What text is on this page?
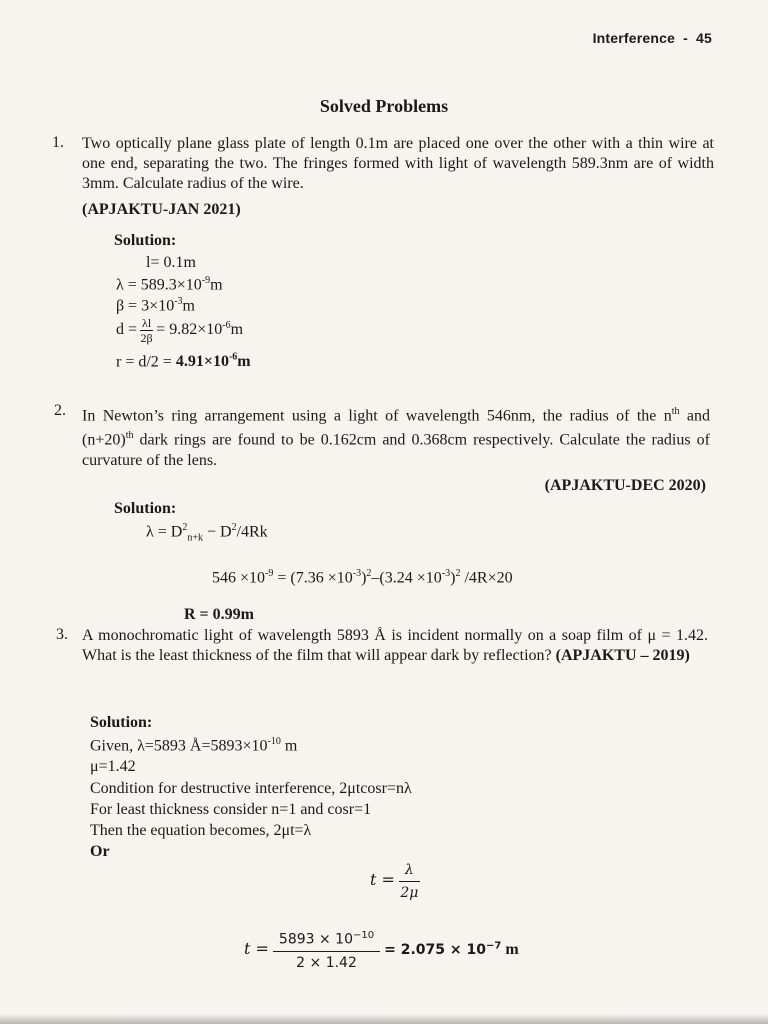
Interference - 45
Solved Problems
1. Two optically plane glass plate of length 0.1m are placed one over the other with a thin wire at one end, separating the two. The fringes formed with light of wavelength 589.3nm are of width 3mm. Calculate radius of the wire.
(APJAKTU-JAN 2021)
Solution:
l= 0.1m
$\lambda = 589.3\times 10^{-9}m$
$\beta = 3\times 10^{-3}m$
$d = \frac{\lambda l}{2\beta} = 9.82\times 10^{-6}m$
$r = d/2 = 4.91\times 10^{-6}m$
2. In Newton’s ring arrangement using a light of wavelength 546nm, the radius of the $n^{th}$ and $(n+20)^{th}$ dark rings are found to be 0.162cm and 0.368cm respectively. Calculate the radius of curvature of the lens.
(APJAKTU-DEC 2020)
Solution:
$\lambda = D^2_{n+k} - D^2/4Rk$
$546 \times 10^{-9} = (7.36 \times 10^{-3})^2-(3.24 \times 10^{-3})^2$ /4R×20
R = 0.99m
3. A monochromatic light of wavelength 5893 Å is incident normally on a soap film of μ = 1.42. What is the least thickness of the film that will appear dark by reflection? (APJAKTU – 2019)
Solution:
Given, λ=5893 $Å=5893\times 10^{-10}$ m
μ=1.42
Condition for destructive interference, 2μtcosr=nλ
For least thickness consider n=1 and cosr=1
Then the equation becomes, 2μt=λ
Or
$t = \frac{\lambda}{2\mu}$
$t = \frac{5893 \times 10^{-10}}{2 \times 1.42} = 2.075 \times 10^{-7}$ m
